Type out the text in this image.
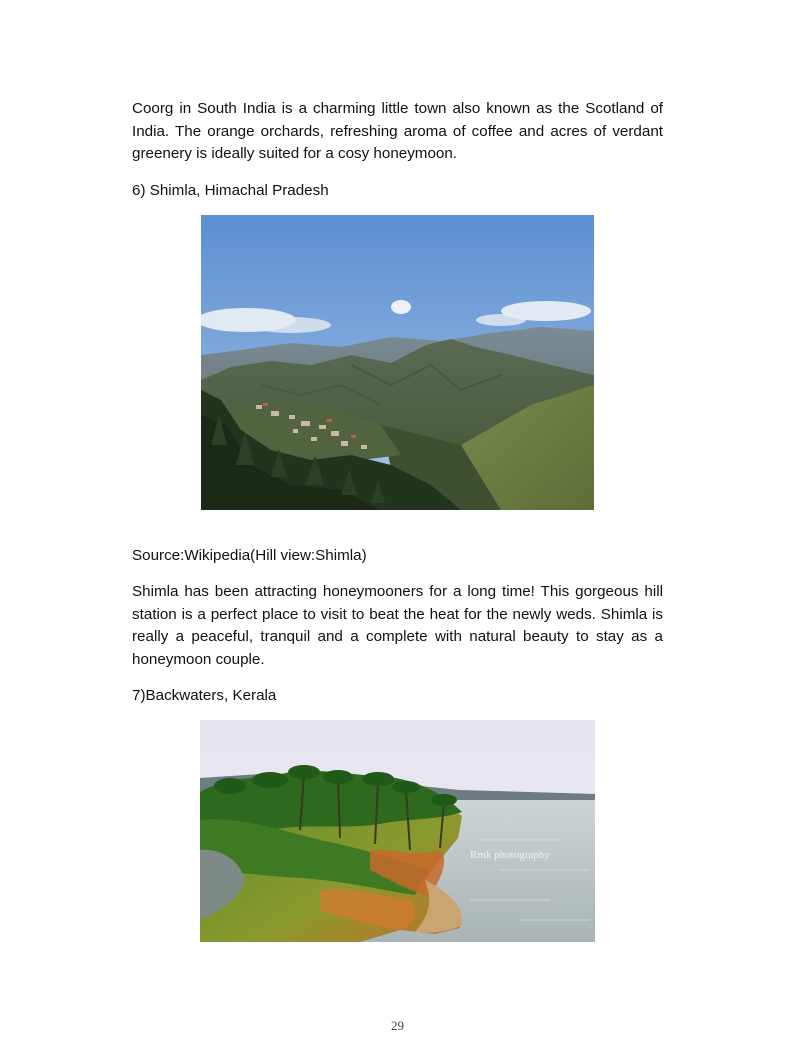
Coorg in South India is a charming little town also known as the Scotland of India. The orange orchards, refreshing aroma of coffee and acres of verdant greenery is ideally suited for a cosy honeymoon.

6) Shimla, Himachal Pradesh

Source:Wikipedia(Hill view:Shimla)

Shimla has been attracting honeymooners for a long time! This gorgeous hill station is a perfect place to visit to beat the heat for the newly weds. Shimla is really a peaceful, tranquil and a complete with natural beauty to stay as a honeymoon couple.

7)Backwaters, Kerala

Rmk photography
29
